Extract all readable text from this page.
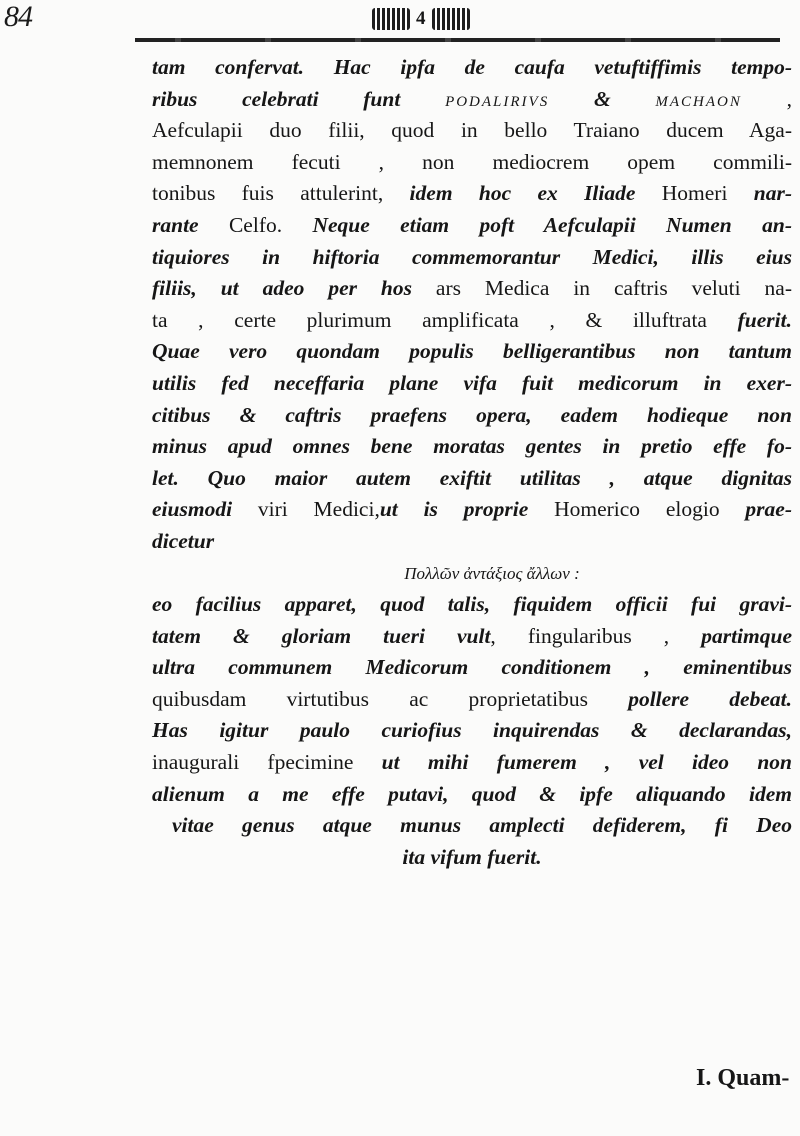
84	4
tam confervat. Hac ipfa de caufa vetuftiffimis tempo-
ribus celebrati funt PODALIRIVS & MACHAON ,
Aefculapii duo filii, quod in bello Traiano ducem Aga-
memnonem fecuti , non mediocrem opem commili-
tonibus fuis attulerint, idem hoc ex Iliade Homeri nar-
rante Celfo. Neque etiam poft Aefculapii Numen an-
tiquiores in hiftoria commemorantur Medici, illis eius
filiis, ut adeo per hos ars Medica in caftris veluti na-
ta , certe plurimum amplificata , & illuftrata fuerit.
Quae vero quondam populis belligerantibus non tantum
utilis fed neceffaria plane vifa fuit medicorum in exer-
citibus & caftris praefens opera, eadem hodieque non
minus apud omnes bene moratas gentes in pretio effe fo-
let. Quo maior autem exiftit utilitas , atque dignitas
eiusmodi viri Medici,ut is proprie Homerico elogio prae-
dicetur
Πολλῶν ἀντάξιος ἄλλων :
eo facilius apparet, quod talis, fiquidem officii fui gravi-
tatem & gloriam tueri vult, fingularibus , partimque
ultra communem Medicorum conditionem , eminentibus
quibusdam virtutibus ac proprietatibus pollere debeat.
Has igitur paulo curiofius inquirendas & declarandas,
inaugurali fpecimine ut mihi fumerem , vel ideo non
alienum a me effe putavi, quod & ipfe aliquando idem
vitae genus atque munus amplecti defiderem, fi Deo
ita vifum fuerit.
I. Quam-
